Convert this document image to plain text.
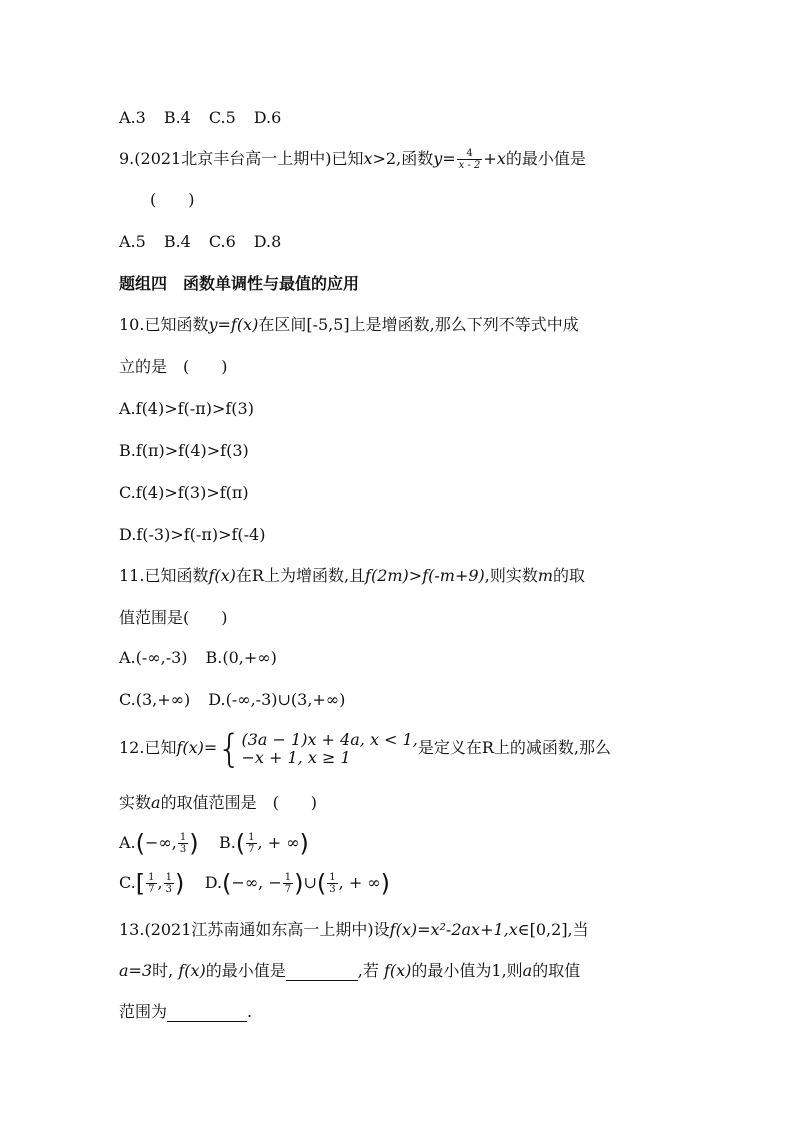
A.3 B.4 C.5 D.6
9.(2021北京丰台高一上期中)已知x>2,函数$y= \frac{4}{x - 2} +x$的最小值是
(　　)
A.5 B.4 C.6 D.8
题组四　函数单调性与最值的应用
10.已知函数y=f(x)在区间[-5,5]上是增函数,那么下列不等式中成
立的是　(　　)
A.f(4)>f(-π)>f(3)
B.f(π)>f(4)>f(3)
C.f(4)>f(3)>f(π)
D.f(-3)>f(-π)>f(-4)
11.已知函数f(x)在R上为增函数,且f(2m)>f(-m+9),则实数m的取
值范围是(　　)
A.(-∞,-3) B.(0,+∞)
C.(3,+∞) D.(-∞,-3)∪(3,+∞)
12.已知f(x)={ (3a − 1)x + 4a, x < 1,
−x + 1, x ≥ 1	是定义在R上的减函数,那么
实数a的取值范围是　(　　)
A.(−∞, $\frac{1}{3}$ ) $B.( \frac{1}{7}$ , + ∞)
$C.[ \frac{1}{7}$ , $\frac{1}{3}$ ) D.(−∞, − $\frac{1}{7}$ )∪( $\frac{1}{3}$ , + ∞)
13.(2021江苏南通如东高一上期中)设f(x)=x²-2ax+1,x∈[0,2],当
a=3时, f(x)的最小值是	,若 f(x)的最小值为1,则a的取值
范围为	.
